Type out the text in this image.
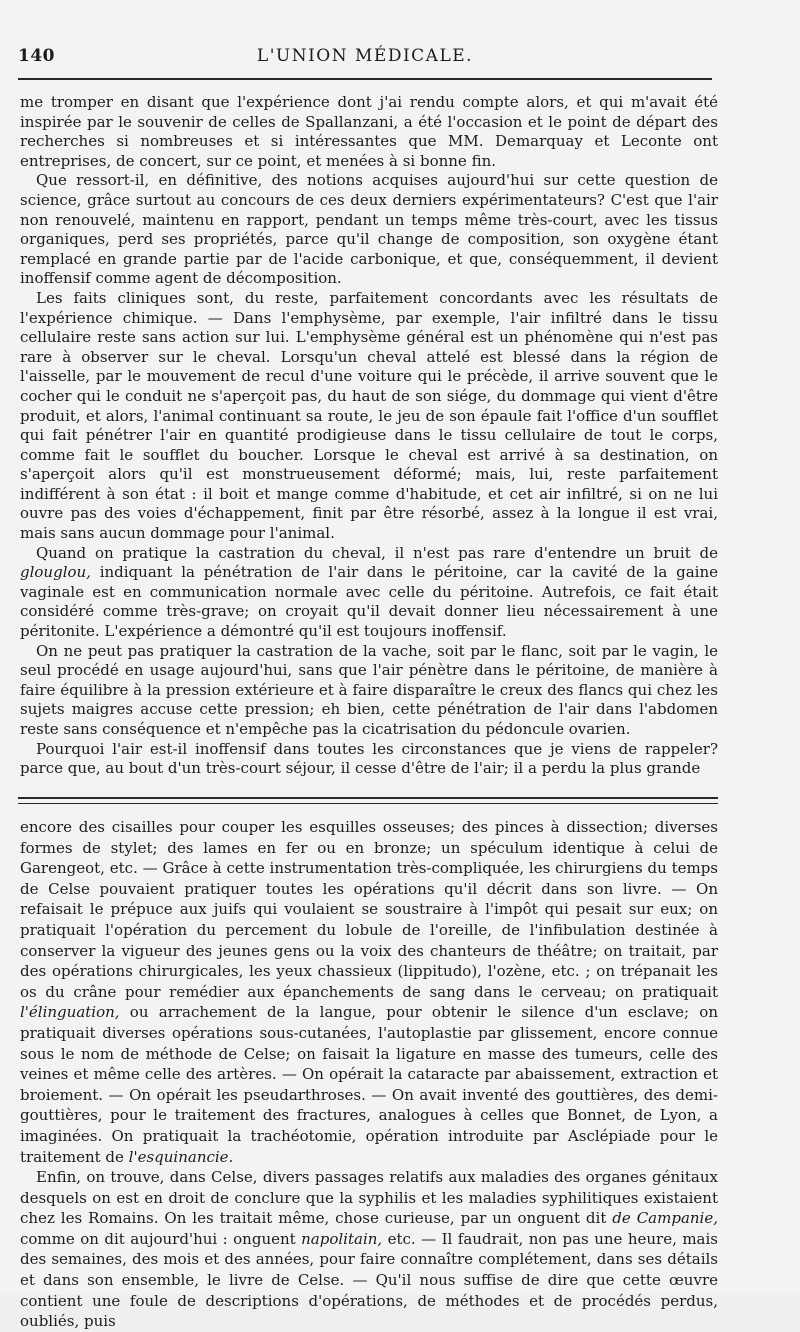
140	L'UNION MÉDICALE.

me tromper en disant que l'expérience dont j'ai rendu compte alors, et qui m'avait été inspirée par le souvenir de celles de Spallanzani, a été l'occasion et le point de départ des recherches si nombreuses et si intéressantes que MM. Demarquay et Leconte ont entreprises, de concert, sur ce point, et menées à si bonne fin.

Que ressort-il, en définitive, des notions acquises aujourd'hui sur cette question de science, grâce surtout au concours de ces deux derniers expérimentateurs? C'est que l'air non renouvelé, maintenu en rapport, pendant un temps même très-court, avec les tissus organiques, perd ses propriétés, parce qu'il change de composition, son oxygène étant remplacé en grande partie par de l'acide carbonique, et que, conséquemment, il devient inoffensif comme agent de décomposition.

Les faits cliniques sont, du reste, parfaitement concordants avec les résultats de l'expérience chimique. — Dans l'emphysème, par exemple, l'air infiltré dans le tissu cellulaire reste sans action sur lui. L'emphysème général est un phénomène qui n'est pas rare à observer sur le cheval. Lorsqu'un cheval attelé est blessé dans la région de l'aisselle, par le mouvement de recul d'une voiture qui le précède, il arrive souvent que le cocher qui le conduit ne s'aperçoit pas, du haut de son siége, du dommage qui vient d'être produit, et alors, l'animal continuant sa route, le jeu de son épaule fait l'office d'un soufflet qui fait pénétrer l'air en quantité prodigieuse dans le tissu cellulaire de tout le corps, comme fait le soufflet du boucher. Lorsque le cheval est arrivé à sa destination, on s'aperçoit alors qu'il est monstrueusement déformé; mais, lui, reste parfaitement indifférent à son état : il boit et mange comme d'habitude, et cet air infiltré, si on ne lui ouvre pas des voies d'échappement, finit par être résorbé, assez à la longue il est vrai, mais sans aucun dommage pour l'animal.

Quand on pratique la castration du cheval, il n'est pas rare d'entendre un bruit de glouglou, indiquant la pénétration de l'air dans le péritoine, car la cavité de la gaine vaginale est en communication normale avec celle du péritoine. Autrefois, ce fait était considéré comme très-grave; on croyait qu'il devait donner lieu nécessairement à une péritonite. L'expérience a démontré qu'il est toujours inoffensif.

On ne peut pas pratiquer la castration de la vache, soit par le flanc, soit par le vagin, le seul procédé en usage aujourd'hui, sans que l'air pénètre dans le péritoine, de manière à faire équilibre à la pression extérieure et à faire disparaître le creux des flancs qui chez les sujets maigres accuse cette pression; eh bien, cette pénétration de l'air dans l'abdomen reste sans conséquence et n'empêche pas la cicatrisation du pédoncule ovarien.

Pourquoi l'air est-il inoffensif dans toutes les circonstances que je viens de rappeler? parce que, au bout d'un très-court séjour, il cesse d'être de l'air; il a perdu la plus grande

encore des cisailles pour couper les esquilles osseuses; des pinces à dissection; diverses formes de stylet; des lames en fer ou en bronze; un spéculum identique à celui de Garengeot, etc. — Grâce à cette instrumentation très-compliquée, les chirurgiens du temps de Celse pouvaient pratiquer toutes les opérations qu'il décrit dans son livre. — On refaisait le prépuce aux juifs qui voulaient se soustraire à l'impôt qui pesait sur eux; on pratiquait l'opération du percement du lobule de l'oreille, de l'infibulation destinée à conserver la vigueur des jeunes gens ou la voix des chanteurs de théâtre; on traitait, par des opérations chirurgicales, les yeux chassieux (lippitudo), l'ozène, etc. ; on trépanait les os du crâne pour remédier aux épanchements de sang dans le cerveau; on pratiquait l'élinguation, ou arrachement de la langue, pour obtenir le silence d'un esclave; on pratiquait diverses opérations sous-cutanées, l'autoplastie par glissement, encore connue sous le nom de méthode de Celse; on faisait la ligature en masse des tumeurs, celle des veines et même celle des artères. — On opérait la cataracte par abaissement, extraction et broiement. — On opérait les pseudarthroses. — On avait inventé des gouttières, des demi-gouttières, pour le traitement des fractures, analogues à celles que Bonnet, de Lyon, a imaginées. On pratiquait la trachéotomie, opération introduite par Asclépiade pour le traitement de l'esquinancie.

Enfin, on trouve, dans Celse, divers passages relatifs aux maladies des organes génitaux desquels on est en droit de conclure que la syphilis et les maladies syphilitiques existaient chez les Romains. On les traitait même, chose curieuse, par un onguent dit de Campanie, comme on dit aujourd'hui : onguent napolitain, etc. — Il faudrait, non pas une heure, mais des semaines, des mois et des années, pour faire connaître complétement, dans ses détails et dans son ensemble, le livre de Celse. — Qu'il nous suffise de dire que cette œuvre contient une foule de descriptions d'opérations, de méthodes et de procédés perdus, oubliés, puis
